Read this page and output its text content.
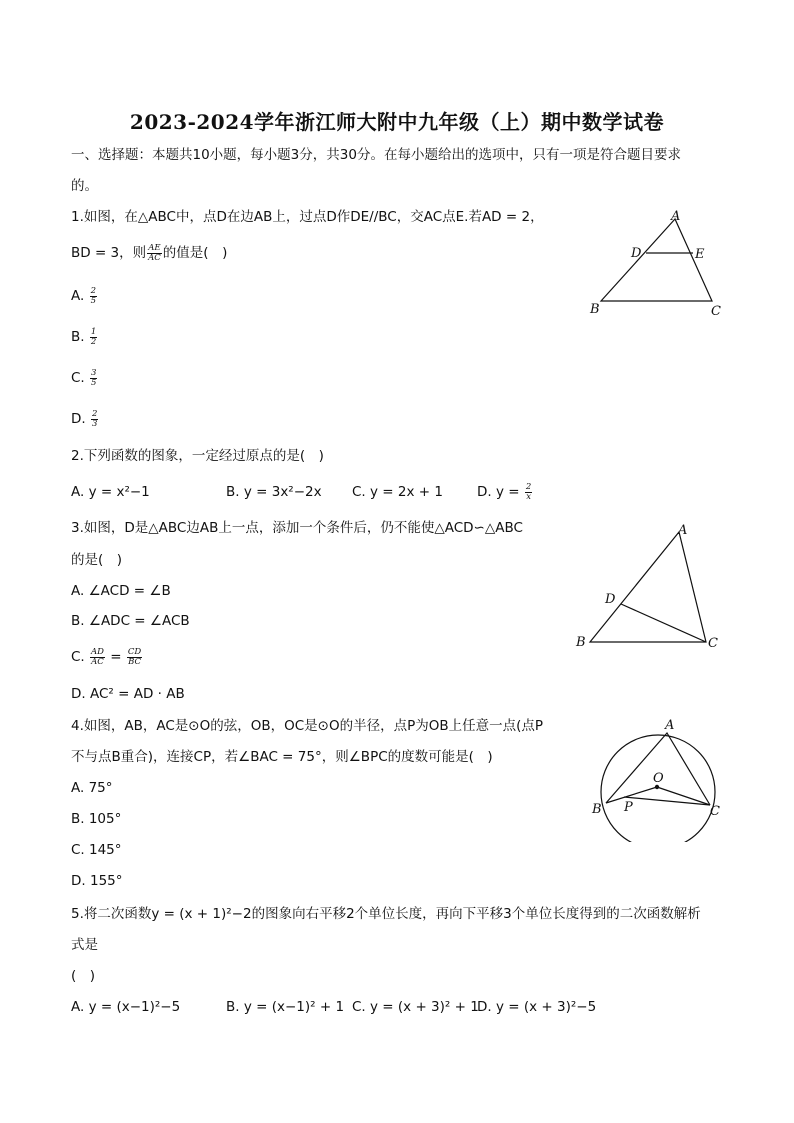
2023-2024学年浙江师大附中九年级（上）期中数学试卷
一、选择题：本题共10小题，每小题3分，共30分。在每小题给出的选项中，只有一项是符合题目要求
的。
1.如图，在△ABC中，点D在边AB上，过点D作DE//BC，交AC点E.若AD = 2，
BD = 3，则 $\frac{AE}{AC}$ 的值是(　)
A. $\frac{2}{5}$
B. $\frac{1}{2}$
C. $\frac{3}{5}$
D. $\frac{2}{3}$
A
D	E
B	C
2.下列函数的图象，一定经过原点的是(　)
A. y = x²−1	B. y = 3x²−2x C. y = 2x + 1	D. $y = \frac{2}{x}$
3.如图，D是△ABC边AB上一点，添加一个条件后，仍不能使△ACD∽△ABC
的是(　)
A. ∠ACD = ∠B
B. ∠ADC = ∠ACB
C. $\frac{AD}{AC} = \frac{CD}{BC}$
D. AC² = AD · AB
A
D
B	C
4.如图，AB，AC是⊙O的弦，OB，OC是⊙O的半径，点P为OB上任意一点(点P
不与点B重合)，连接CP，若∠BAC = 75°，则∠BPC的度数可能是(　)
A. 75°
B. 105°
C. 145°
D. 155°
A
O
P
B	C
5.将二次函数y = (x + 1)²−2的图象向右平移2个单位长度，再向下平移3个单位长度得到的二次函数解析
式是
(　)
A. y = (x−1)²−5	B. y = (x−1)² + 1 C. y = (x + 3)² + 1
D. y = (x + 3)²−5
